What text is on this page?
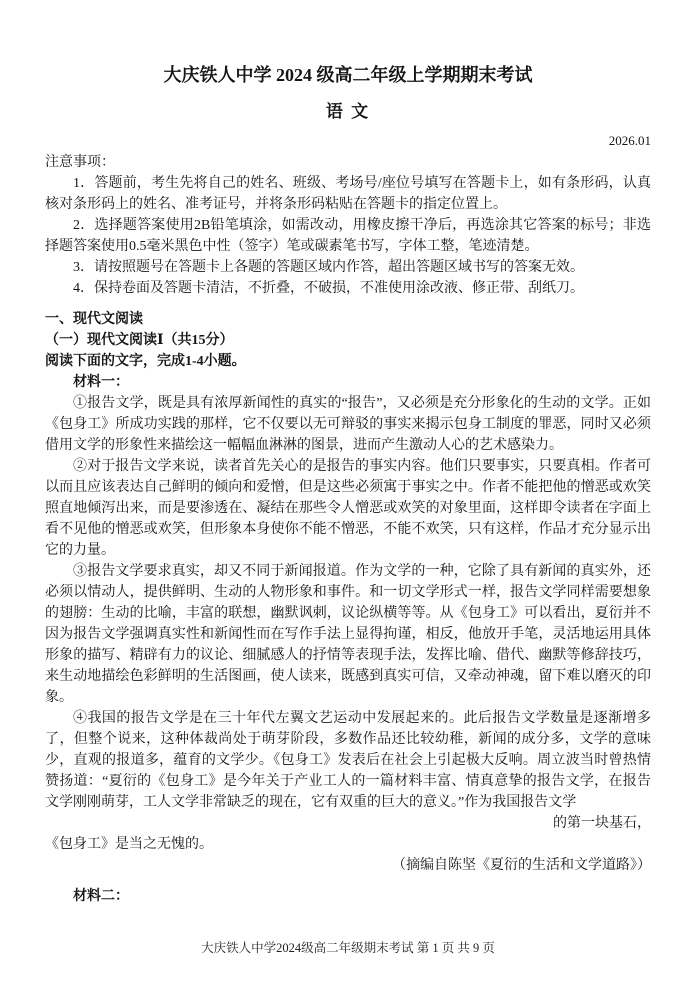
大庆铁人中学 2024 级高二年级上学期期末考试
语 文
2026.01

注意事项：

1．答题前，考生先将自己的姓名、班级、考场号/座位号填写在答题卡上，如有条形码，认真核对条形码上的姓名、准考证号，并将条形码粘贴在答题卡的指定位置上。

2．选择题答案使用2B铅笔填涂，如需改动，用橡皮擦干净后，再选涂其它答案的标号；非选择题答案使用0.5毫米黑色中性（签字）笔或碳素笔书写，字体工整，笔迹清楚。

3．请按照题号在答题卡上各题的答题区域内作答，超出答题区域书写的答案无效。

4．保持卷面及答题卡清洁，不折叠，不破损，不准使用涂改液、修正带、刮纸刀。

一、现代文阅读

（一）现代文阅读Ⅰ（共15分）

阅读下面的文字，完成1-4小题。

材料一：

①报告文学，既是具有浓厚新闻性的真实的“报告”，又必须是充分形象化的生动的文学。正如《包身工》所成功实践的那样，它不仅要以无可辩驳的事实来揭示包身工制度的罪恶，同时又必须借用文学的形象性来描绘这一幅幅血淋淋的图景，进而产生激动人心的艺术感染力。

②对于报告文学来说，读者首先关心的是报告的事实内容。他们只要事实，只要真相。作者可以而且应该表达自己鲜明的倾向和爱憎，但是这些必须寓于事实之中。作者不能把他的憎恶或欢笑照直地倾泻出来，而是要渗透在、凝结在那些令人憎恶或欢笑的对象里面，这样即令读者在字面上看不见他的憎恶或欢笑，但形象本身使你不能不憎恶，不能不欢笑，只有这样，作品才充分显示出它的力量。

③报告文学要求真实，却又不同于新闻报道。作为文学的一种，它除了具有新闻的真实外，还必须以情动人，提供鲜明、生动的人物形象和事件。和一切文学形式一样，报告文学同样需要想象的翅膀：生动的比喻，丰富的联想，幽默讽刺，议论纵横等等。从《包身工》可以看出，夏衍并不因为报告文学强调真实性和新闻性而在写作手法上显得拘谨，相反，他放开手笔，灵活地运用具体形象的描写、精辟有力的议论、细腻感人的抒情等表现手法，发挥比喻、借代、幽默等修辞技巧，来生动地描绘色彩鲜明的生活图画，使人读来，既感到真实可信，又牵动神魂，留下难以磨灭的印象。

④我国的报告文学是在三十年代左翼文艺运动中发展起来的。此后报告文学数量是逐渐增多了，但整个说来，这种体裁尚处于萌芽阶段，多数作品还比较幼稚，新闻的成分多，文学的意味少，直观的报道多，蕴育的文学少。《包身工》发表后在社会上引起极大反响。周立波当时曾热情赞扬道：“夏衍的《包身工》是今年关于产业工人的一篇材料丰富、情真意挚的报告文学，在报告文学刚刚萌芽，工人文学非常缺乏的现在，它有双重的巨大的意义。”作为我国报告文学

的第一块基石，

《包身工》是当之无愧的。

（摘编自陈坚《夏衍的生活和文学道路》）

材料二：

大庆铁人中学2024级高二年级期末考试 第 1 页 共 9 页
